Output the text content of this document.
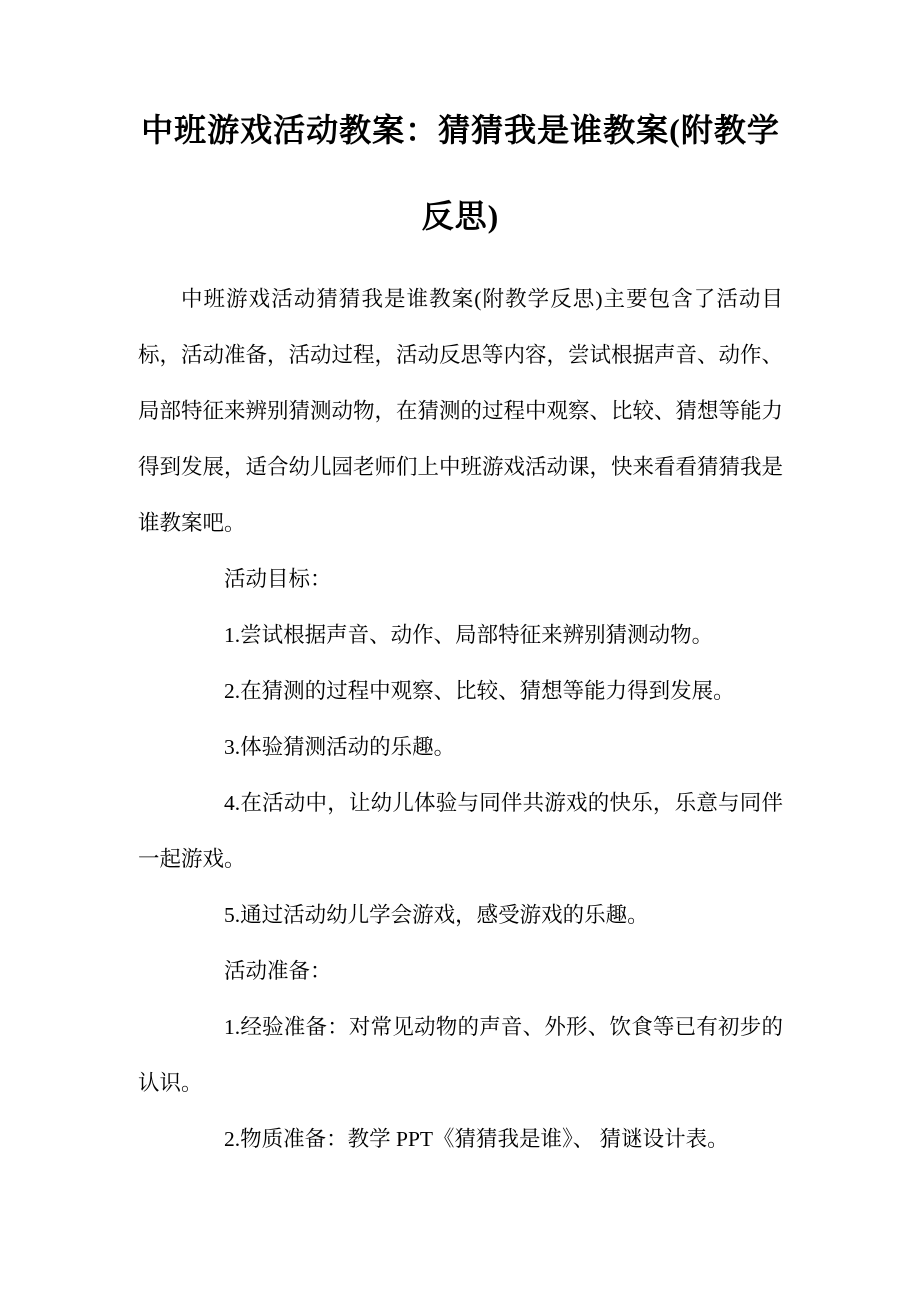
中班游戏活动教案：猜猜我是谁教案(附教学反思)

中班游戏活动猜猜我是谁教案(附教学反思)主要包含了活动目标，活动准备，活动过程，活动反思等内容，尝试根据声音、动作、局部特征来辨别猜测动物，在猜测的过程中观察、比较、猜想等能力得到发展，适合幼儿园老师们上中班游戏活动课，快来看看猜猜我是谁教案吧。

活动目标：

1.尝试根据声音、动作、局部特征来辨别猜测动物。

2.在猜测的过程中观察、比较、猜想等能力得到发展。

3.体验猜测活动的乐趣。

4.在活动中，让幼儿体验与同伴共游戏的快乐，乐意与同伴一起游戏。

5.通过活动幼儿学会游戏，感受游戏的乐趣。

活动准备：

1.经验准备：对常见动物的声音、外形、饮食等已有初步的认识。

2.物质准备：教学 PPT《猜猜我是谁》、 猜谜设计表。
